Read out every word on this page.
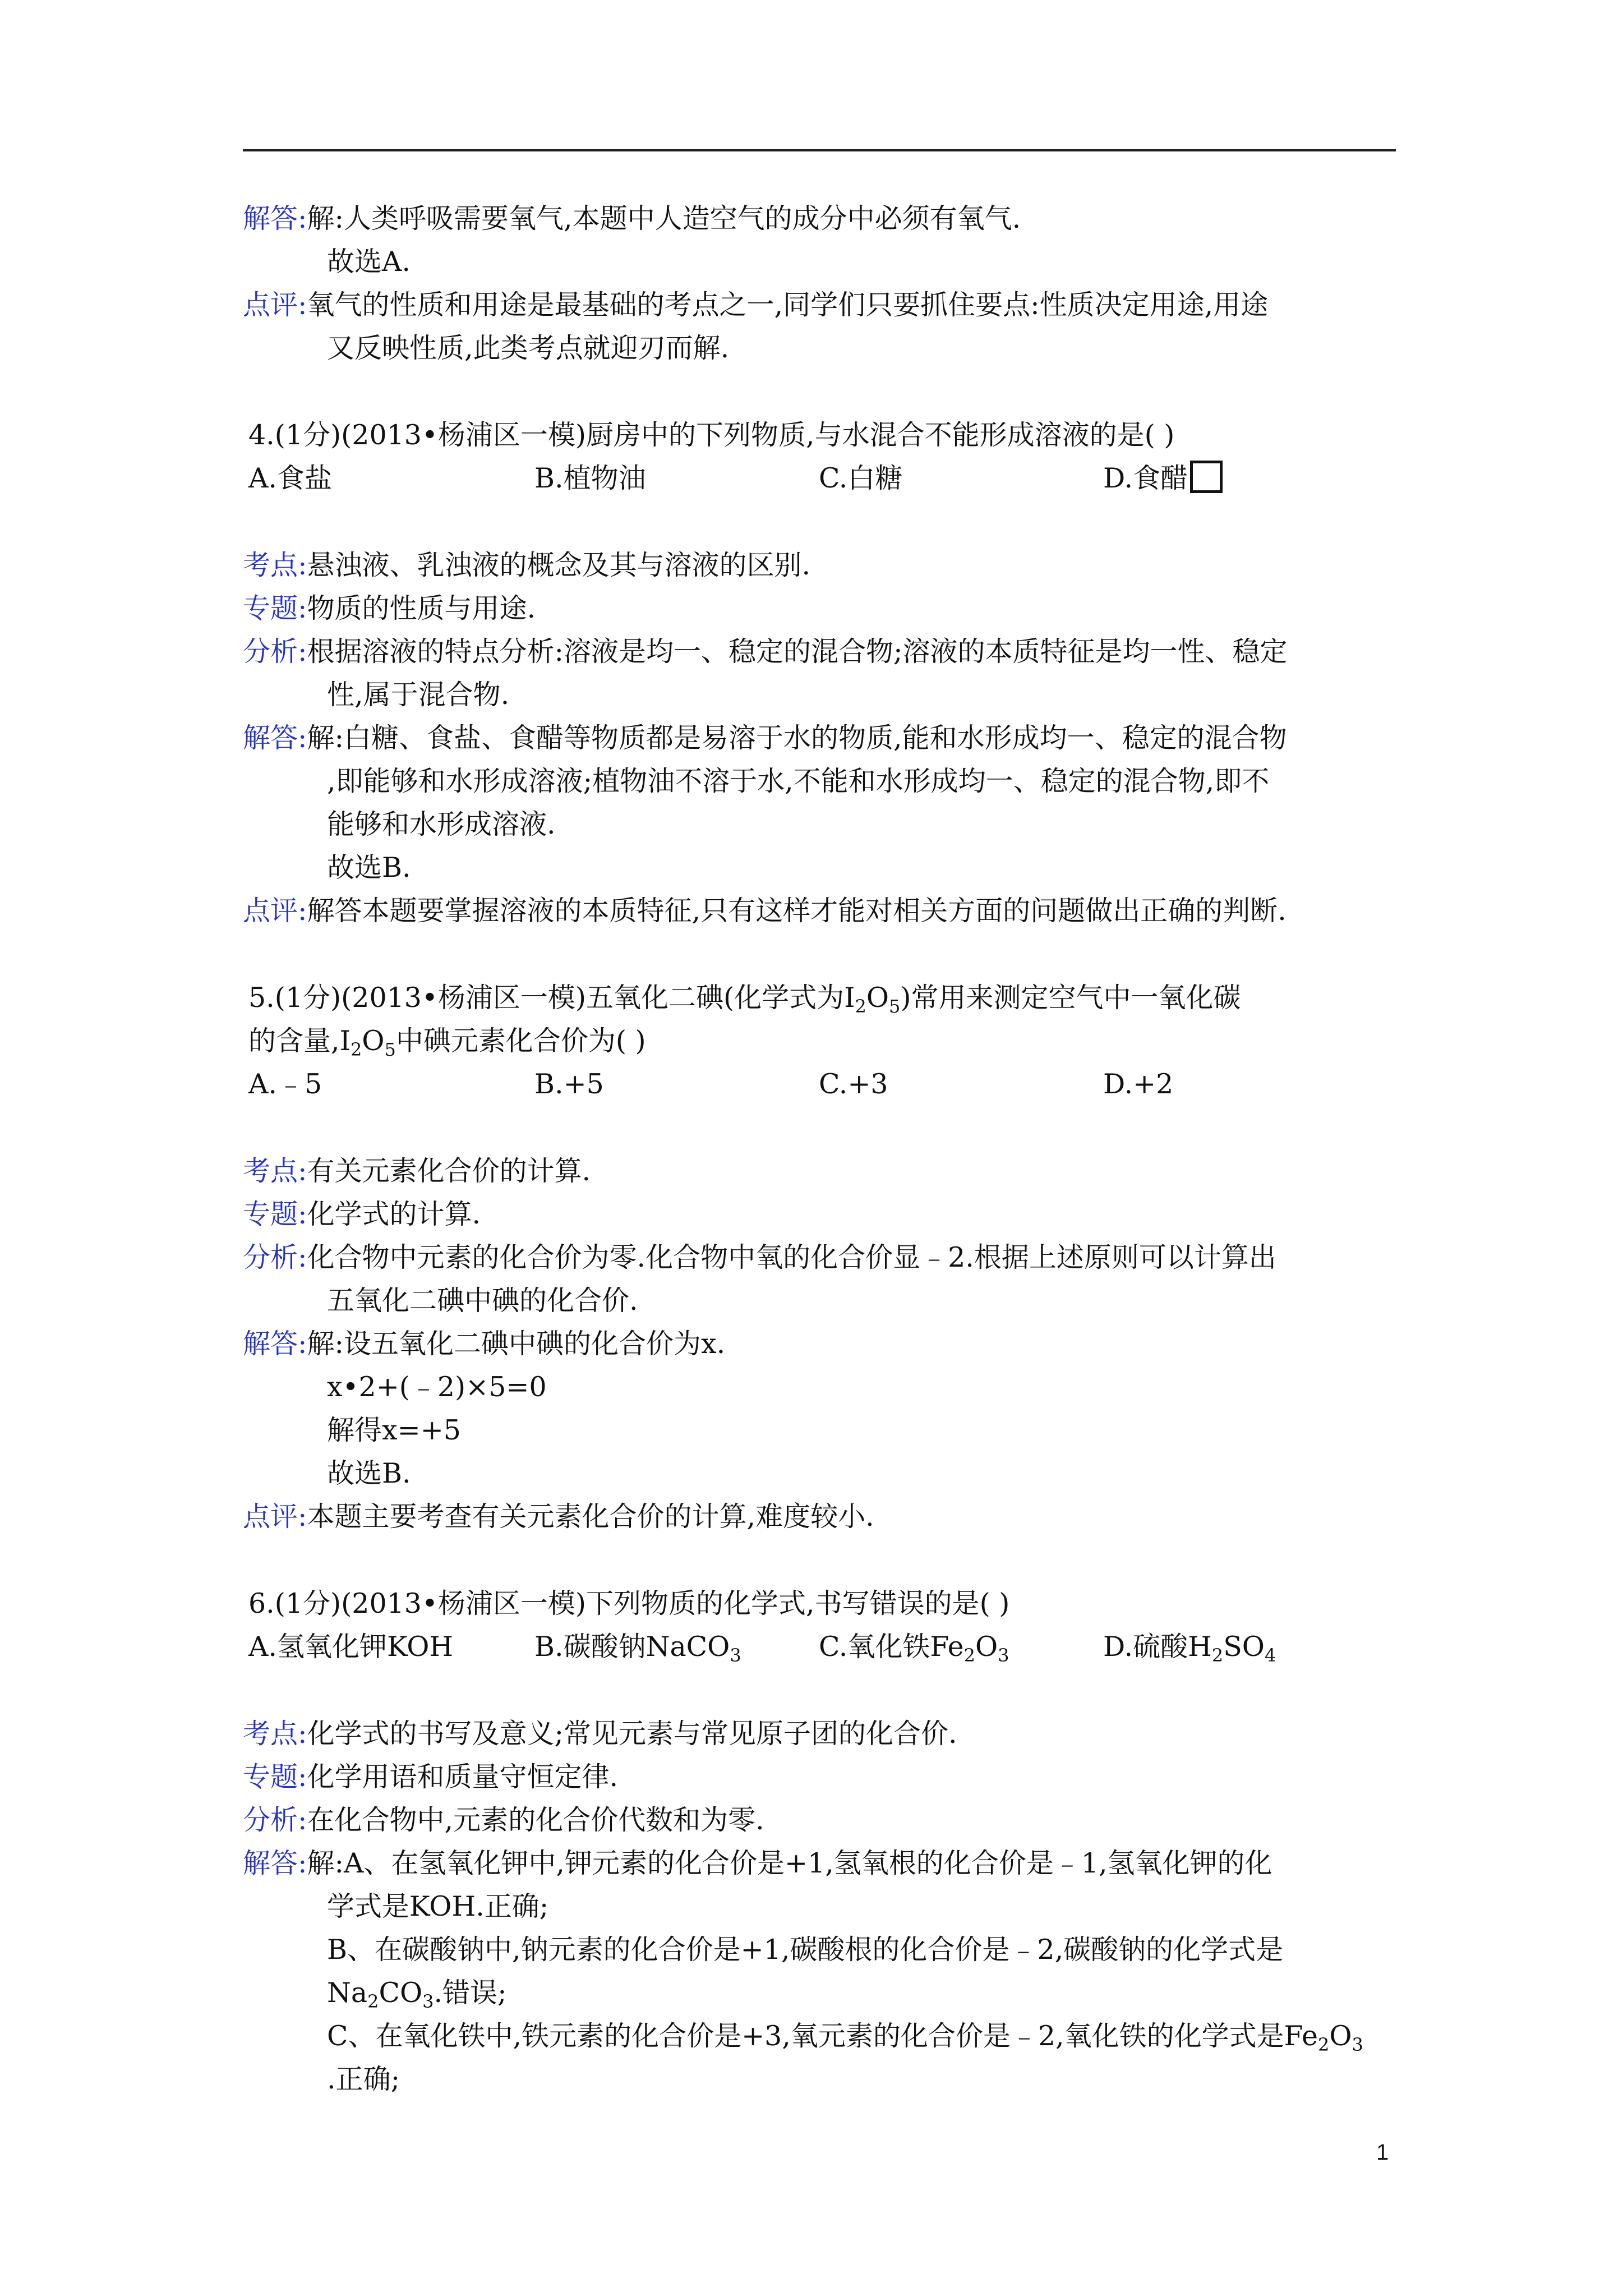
解答:解:人类呼吸需要氧气,本题中人造空气的成分中必须有氧气.
故选A.
点评:氧气的性质和用途是最基础的考点之一,同学们只要抓住要点:性质决定用途,用途
又反映性质,此类考点就迎刃而解.
4.(1分)(2013•杨浦区一模)厨房中的下列物质,与水混合不能形成溶液的是( )
A.食盐	B.植物油	C.白糖	D.食醋
考点:悬浊液、乳浊液的概念及其与溶液的区别.
专题:物质的性质与用途.
分析:根据溶液的特点分析:溶液是均一、稳定的混合物;溶液的本质特征是均一性、稳定
性,属于混合物.
解答:解:白糖、食盐、食醋等物质都是易溶于水的物质,能和水形成均一、稳定的混合物
,即能够和水形成溶液;植物油不溶于水,不能和水形成均一、稳定的混合物,即不
能够和水形成溶液.
故选B.
点评:解答本题要掌握溶液的本质特征,只有这样才能对相关方面的问题做出正确的判断.
5.(1分)(2013•杨浦区一模)五氧化二碘(化学式为$I_2O_5$)常用来测定空气中一氧化碳
的含量$,I_2O_5$中碘元素化合价为( )
A.﹣5	B.+5	C.+3	D.+2
考点:有关元素化合价的计算.
专题:化学式的计算.
分析:化合物中元素的化合价为零.化合物中氧的化合价显﹣2.根据上述原则可以计算出
五氧化二碘中碘的化合价.
解答:解:设五氧化二碘中碘的化合价为x.
x•2+(﹣2)×5=0
解得x=+5
故选B.
点评:本题主要考查有关元素化合价的计算,难度较小.
6.(1分)(2013•杨浦区一模)下列物质的化学式,书写错误的是( )
A.氢氧化钾KOH	B.碳酸钠NaCO$_3$	C.氧化铁$Fe_2O_3$	D.硫酸$H_2SO_4$
考点:化学式的书写及意义;常见元素与常见原子团的化合价.
专题:化学用语和质量守恒定律.
分析:在化合物中,元素的化合价代数和为零.
解答:解:A、在氢氧化钾中,钾元素的化合价是+1,氢氧根的化合价是﹣1,氢氧化钾的化
学式是KOH.正确;
B、在碳酸钠中,钠元素的化合价是+1,碳酸根的化合价是﹣2,碳酸钠的化学式是
$Na_2CO_3$.错误;
C、在氧化铁中,铁元素的化合价是+3,氧元素的化合价是﹣2,氧化铁的化学式是$Fe_2O_3$
.正确;
1
